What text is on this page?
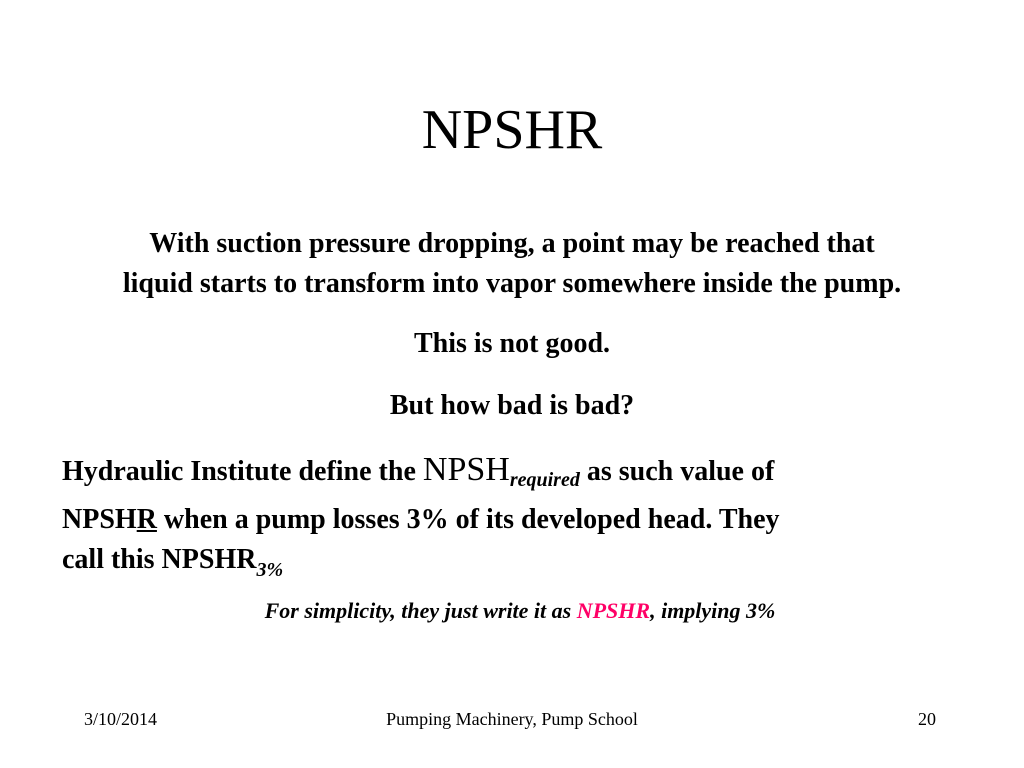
NPSHR
With suction pressure dropping, a point may be reached that
liquid starts to transform into vapor somewhere inside the pump.
This is not good.
But how bad is bad?
Hydraulic Institute define the $NPSH_{required}$ as such value of
NPSHR when a pump losses 3% of its developed head. They
call this $NPSHR_{3\%}$
For simplicity, they just write it as NPSHR, implying 3%
3/10/2014	Pumping Machinery, Pump School	20
